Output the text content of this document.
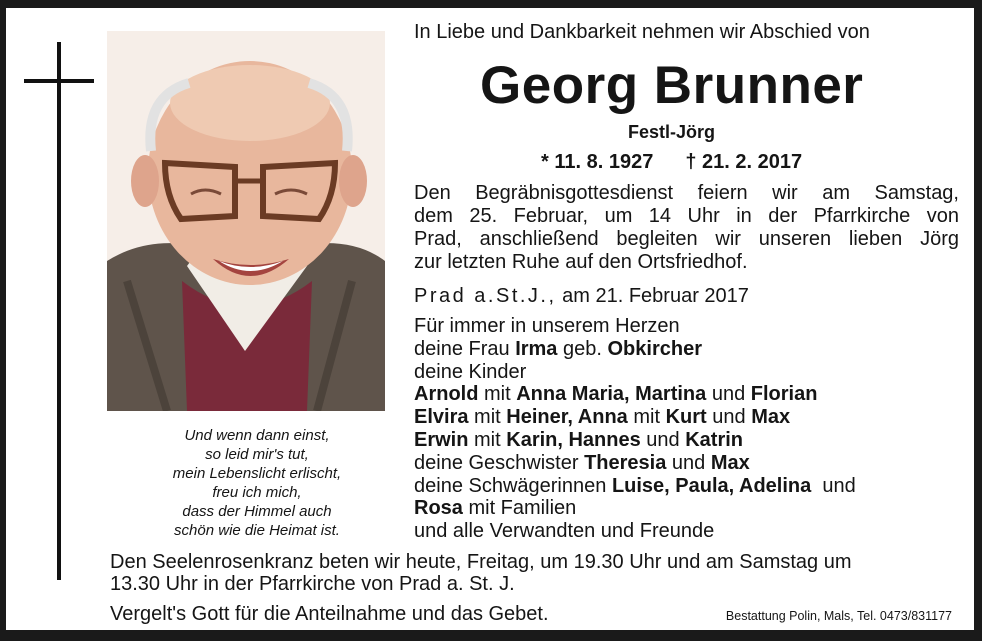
Und wenn dann einst,
so leid mir's tut,
mein Lebenslicht erlischt,
freu ich mich,
dass der Himmel auch
schön wie die Heimat ist.
In Liebe und Dankbarkeit nehmen wir Abschied von
Georg Brunner
Festl-Jörg
* 11. 8. 1927 † 21. 2. 2017
Den Begräbnisgottesdienst feiern wir am Samstag,
dem 25. Februar, um 14 Uhr in der Pfarrkirche von
Prad, anschließend begleiten wir unseren lieben Jörg
zur letzten Ruhe auf den Ortsfriedhof.
Prad a.St.J., am 21. Februar 2017
Für immer in unserem Herzen
deine Frau Irma geb. Obkircher
deine Kinder
Arnold mit Anna Maria, Martina und Florian
Elvira mit Heiner, Anna mit Kurt und Max
Erwin mit Karin, Hannes und Katrin
deine Geschwister Theresia und Max
deine Schwägerinnen Luise, Paula, Adelina und
Rosa mit Familien
und alle Verwandten und Freunde
Den Seelenrosenkranz beten wir heute, Freitag, um 19.30 Uhr und am Samstag um
13.30 Uhr in der Pfarrkirche von Prad a. St. J.
Vergelt's Gott für die Anteilnahme und das Gebet.	Bestattung Polin, Mals, Tel. 0473/831177
